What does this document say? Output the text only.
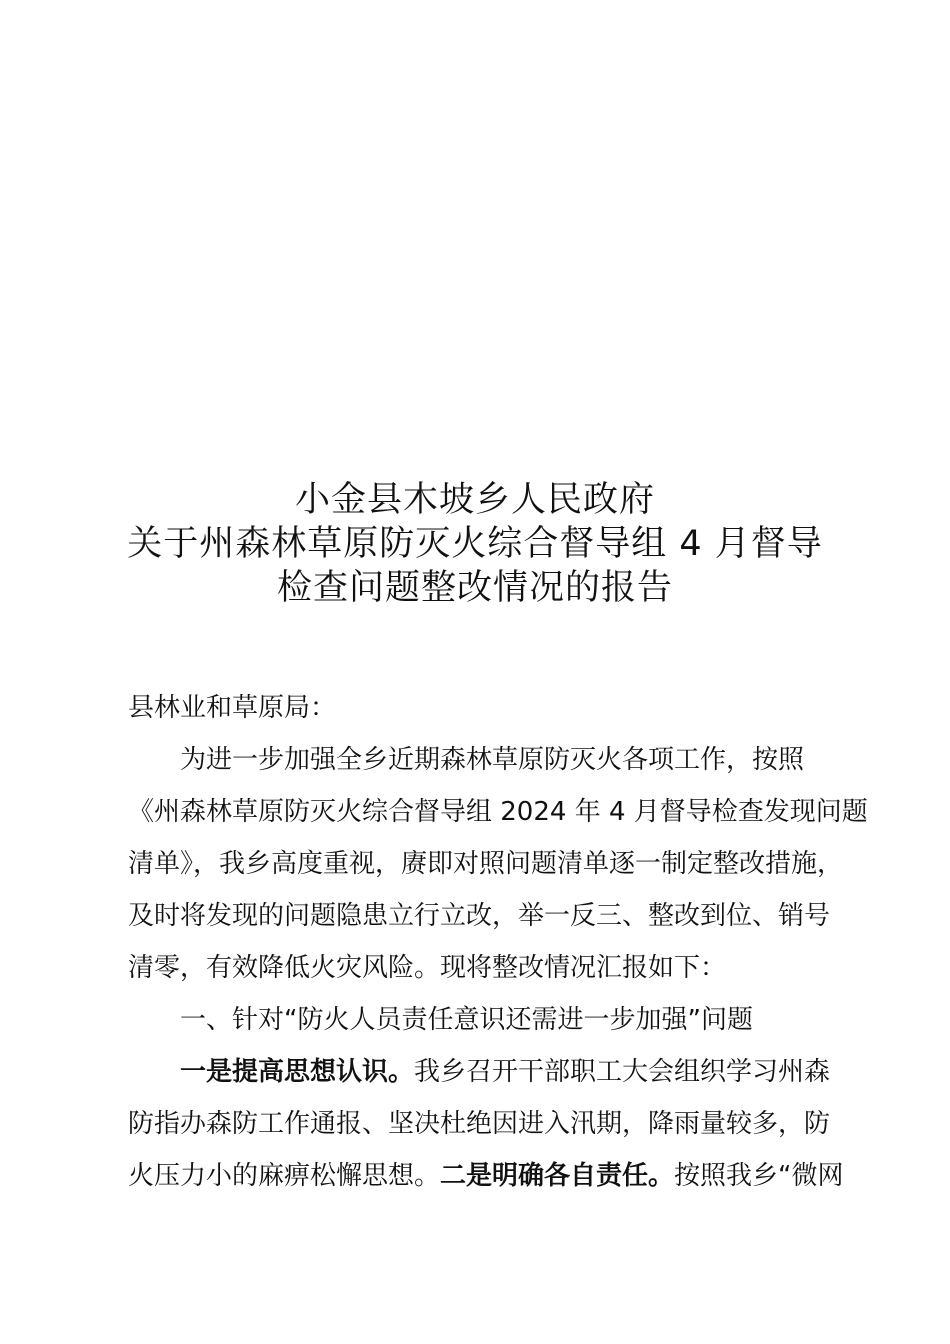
小金县木坡乡人民政府
关于州森林草原防灭火综合督导组 4 月督导
检查问题整改情况的报告

县林业和草原局：

为进一步加强全乡近期森林草原防灭火各项工作，按照
《州森林草原防灭火综合督导组 2024 年 4 月督导检查发现问题
清单》，我乡高度重视，赓即对照问题清单逐一制定整改措施，
及时将发现的问题隐患立行立改，举一反三、整改到位、销号
清零，有效降低火灾风险。现将整改情况汇报如下：

一、针对“防火人员责任意识还需进一步加强”问题

一是提高思想认识。我乡召开干部职工大会组织学习州森
防指办森防工作通报、坚决杜绝因进入汛期，降雨量较多，防
火压力小的麻痹松懈思想。二是明确各自责任。按照我乡“微网
